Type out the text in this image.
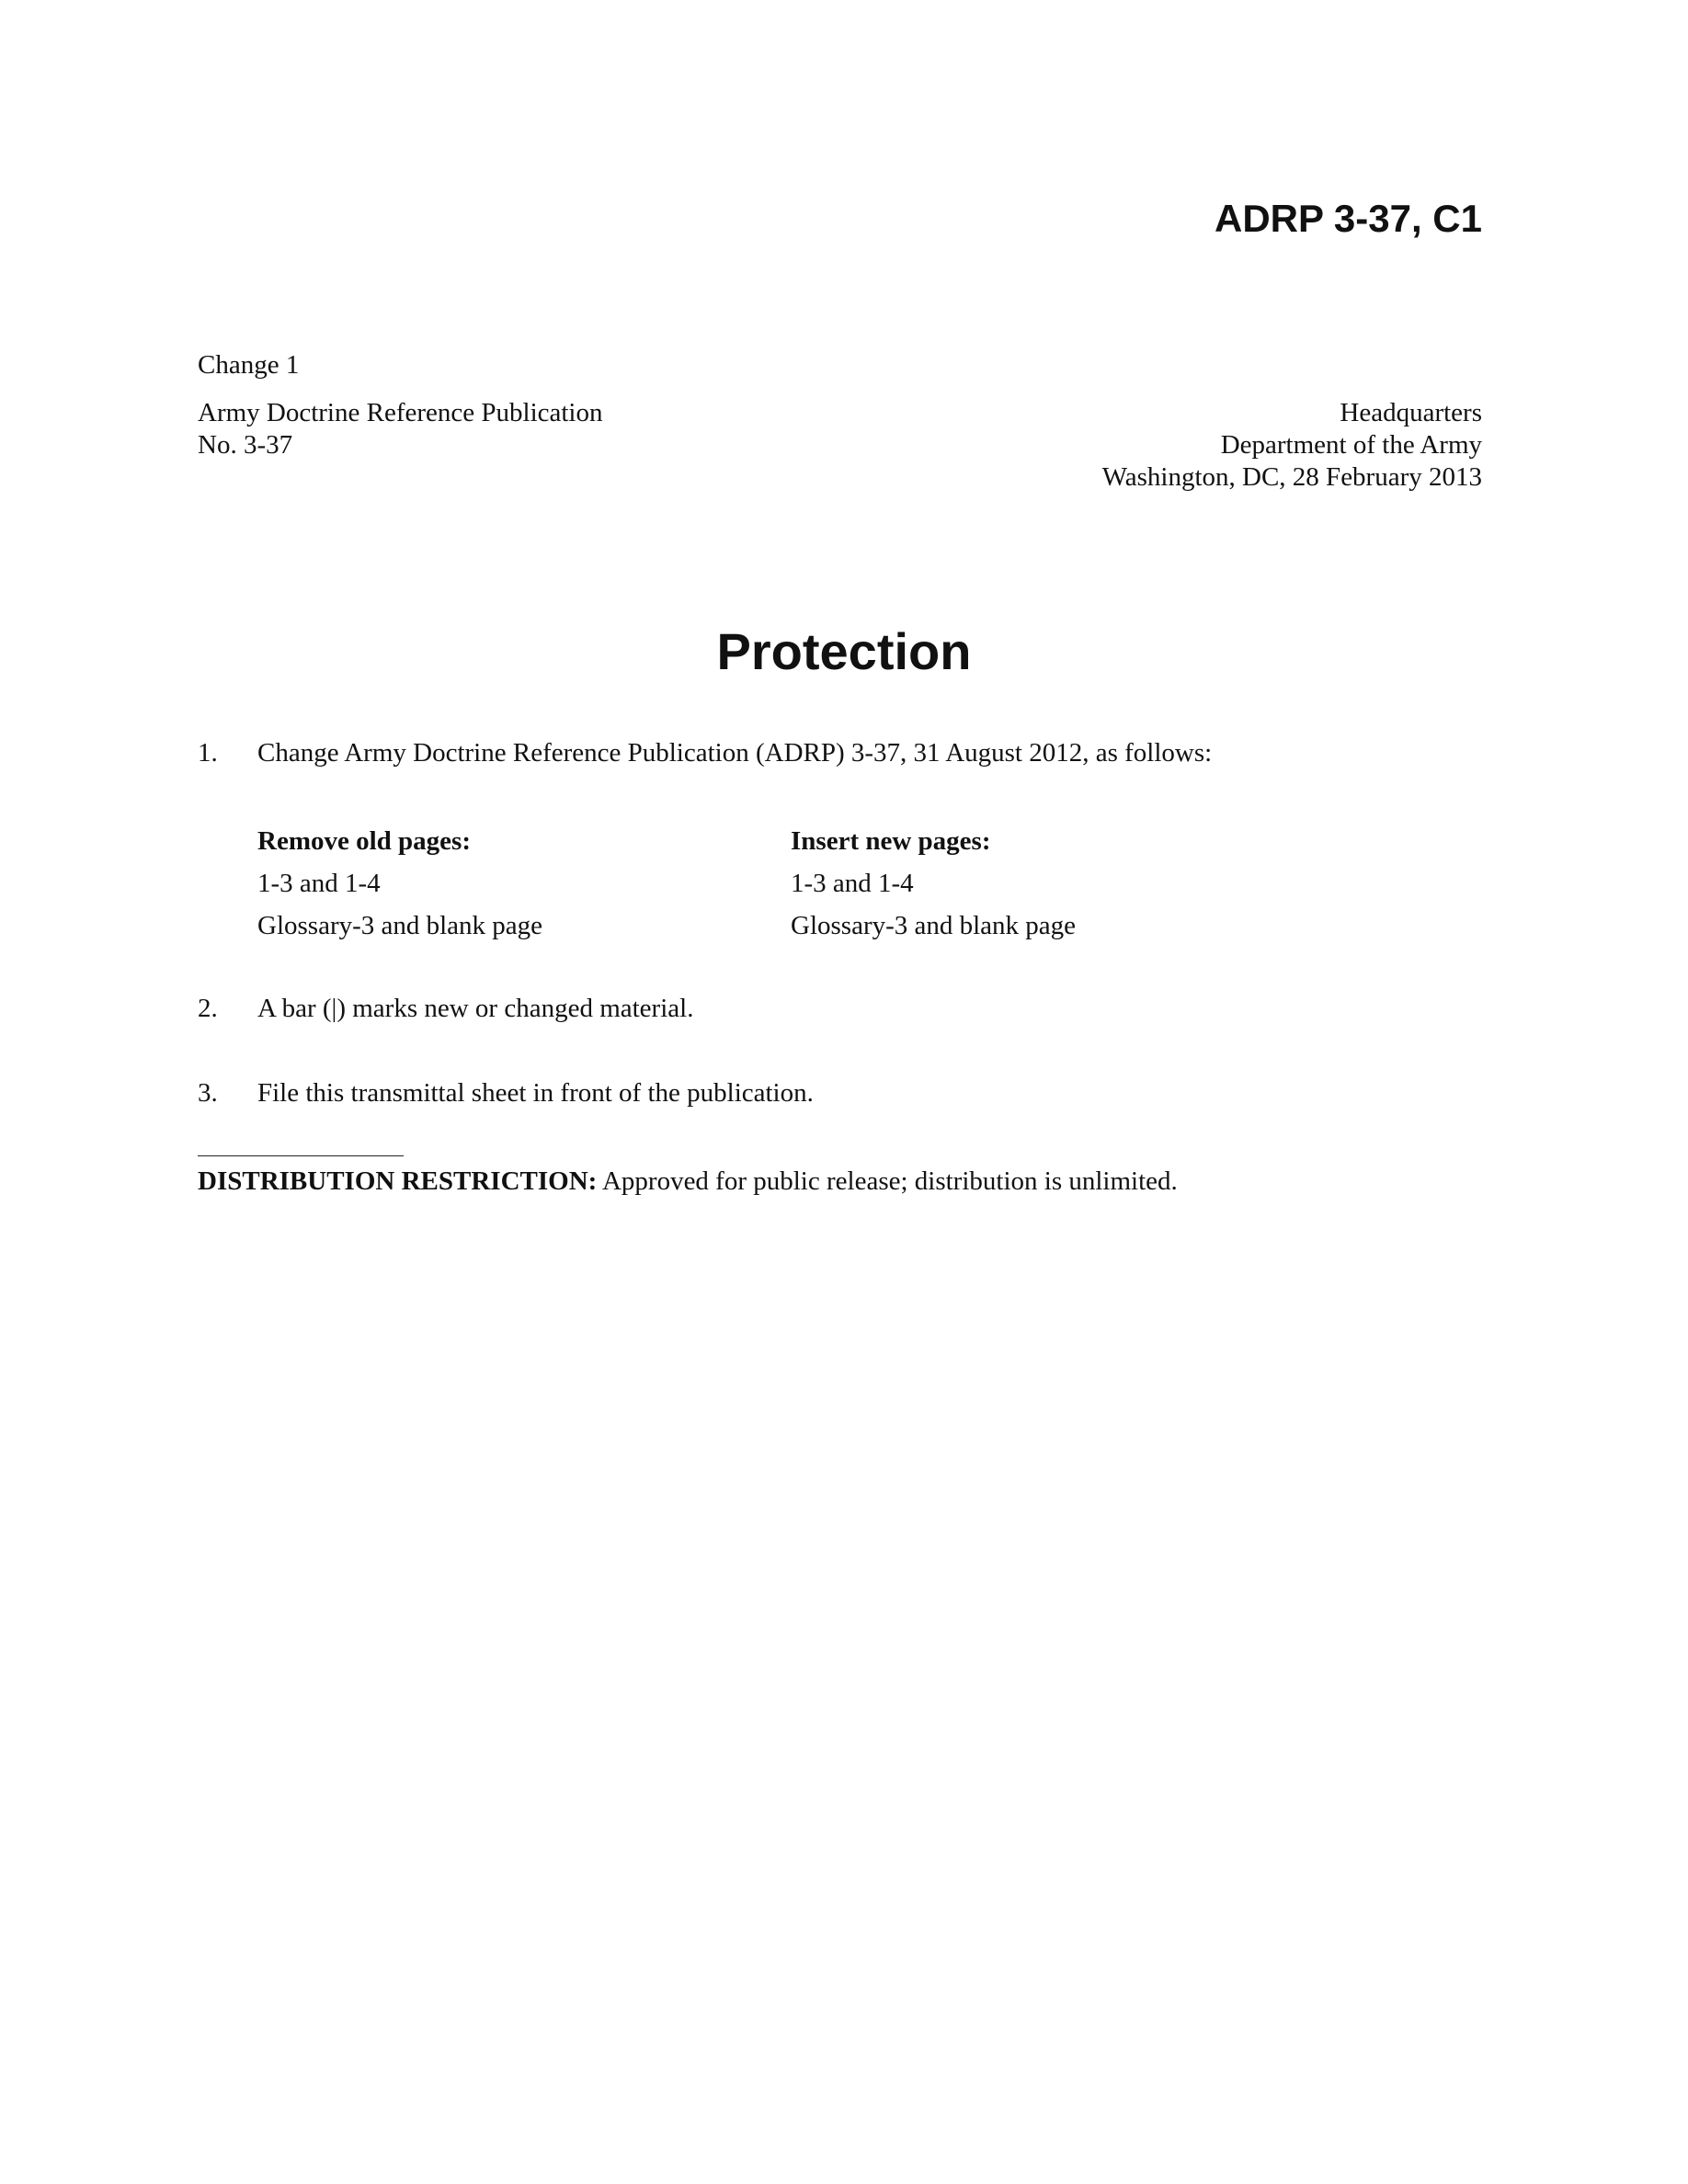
ADRP 3-37, C1

Change 1

Army Doctrine Reference Publication
No. 3-37
Headquarters
Department of the Army
Washington, DC, 28 February 2013
Protection
1. Change Army Doctrine Reference Publication (ADRP) 3-37, 31 August 2012, as follows:
Remove old pages:
1-3 and 1-4
Glossary-3 and blank page
Insert new pages:
1-3 and 1-4
Glossary-3 and blank page
2. A bar (|) marks new or changed material.
3. File this transmittal sheet in front of the publication.

DISTRIBUTION RESTRICTION: Approved for public release; distribution is unlimited.
